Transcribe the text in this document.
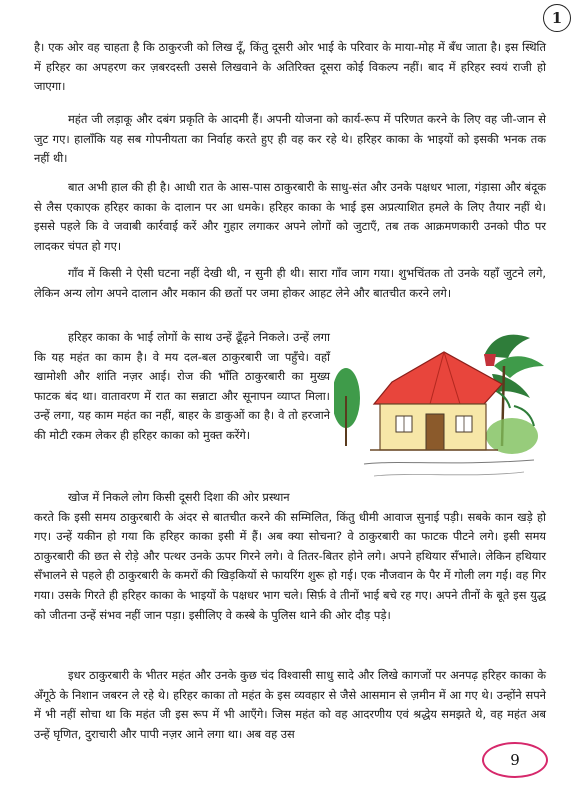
1

है। एक ओर वह चाहता है कि ठाकुरजी को लिख दूँ, किंतु दूसरी ओर भाई के परिवार के माया-मोह में बँध जाता है। इस स्थिति में हरिहर का अपहरण कर ज़बरदस्ती उससे लिखवाने के अतिरिक्त दूसरा कोई विकल्प नहीं। बाद में हरिहर स्वयं राजी हो जाएगा।

महंत जी लड़ाकू और दबंग प्रकृति के आदमी हैं। अपनी योजना को कार्य-रूप में परिणत करने के लिए वह जी-जान से जुट गए। हालाँकि यह सब गोपनीयता का निर्वाह करते हुए ही वह कर रहे थे। हरिहर काका के भाइयों को इसकी भनक तक नहीं थी।

बात अभी हाल की ही है। आधी रात के आस-पास ठाकुरबारी के साधु-संत और उनके पक्षधर भाला, गंड़ासा और बंदूक से लैस एकाएक हरिहर काका के दालान पर आ धमके। हरिहर काका के भाई इस अप्रत्याशित हमले के लिए तैयार नहीं थे। इससे पहले कि वे जवाबी कार्रवाई करें और गुहार लगाकर अपने लोगों को जुटाएँ, तब तक आक्रमणकारी उनको पीठ पर लादकर चंपत हो गए।

गाँव में किसी ने ऐसी घटना नहीं देखी थी, न सुनी ही थी। सारा गाँव जाग गया। शुभचिंतक तो उनके यहाँ जुटने लगे, लेकिन अन्य लोग अपने दालान और मकान की छतों पर जमा होकर आहट लेने और बातचीत करने लगे।

हरिहर काका के भाई लोगों के साथ उन्हें ढूँढ़ने निकले। उन्हें लगा कि यह महंत का काम है। वे मय दल-बल ठाकुरबारी जा पहुँचे। वहाँ खामोशी और शांति नज़र आई। रोज की भाँति ठाकुरबारी का मुख्य फाटक बंद था। वातावरण में रात का सन्नाटा और सूनापन व्याप्त मिला। उन्हें लगा, यह काम महंत का नहीं, बाहर के डाकुओं का है। वे तो हरजाने की मोटी रकम लेकर ही हरिहर काका को मुक्त करेंगे।

खोज में निकले लोग किसी दूसरी दिशा की ओर प्रस्थान
करते कि इसी समय ठाकुरबारी के अंदर से बातचीत करने की सम्मिलित, किंतु धीमी आवाज सुनाई पड़ी। सबके कान खड़े हो गए। उन्हें यकीन हो गया कि हरिहर काका इसी में हैं। अब क्या सोचना? वे ठाकुरबारी का फाटक पीटने लगे। इसी समय ठाकुरबारी की छत से रोड़े और पत्थर उनके ऊपर गिरने लगे। वे तितर-बितर होने लगे। अपने हथियार सँभाले। लेकिन हथियार सँभालने से पहले ही ठाकुरबारी के कमरों की खिड़कियों से फायरिंग शुरू हो गई। एक नौजवान के पैर में गोली लग गई। वह गिर गया। उसके गिरते ही हरिहर काका के भाइयों के पक्षधर भाग चले। सिर्फ़ वे तीनों भाई बचे रह गए। अपने तीनों के बूते इस युद्ध को जीतना उन्हें संभव नहीं जान पड़ा। इसीलिए वे कस्बे के पुलिस थाने की ओर दौड़ पड़े।

इधर ठाकुरबारी के भीतर महंत और उनके कुछ चंद विश्वासी साधु सादे और लिखे कागजों पर अनपढ़ हरिहर काका के अँगूठे के निशान जबरन ले रहे थे। हरिहर काका तो महंत के इस व्यवहार से जैसे आसमान से ज़मीन में आ गए थे। उन्होंने सपने में भी नहीं सोचा था कि महंत जी इस रूप में भी आएँगे। जिस महंत को वह आदरणीय एवं श्रद्धेय समझते थे, वह महंत अब उन्हें घृणित, दुराचारी और पापी नज़र आने लगा था। अब वह उस

9
